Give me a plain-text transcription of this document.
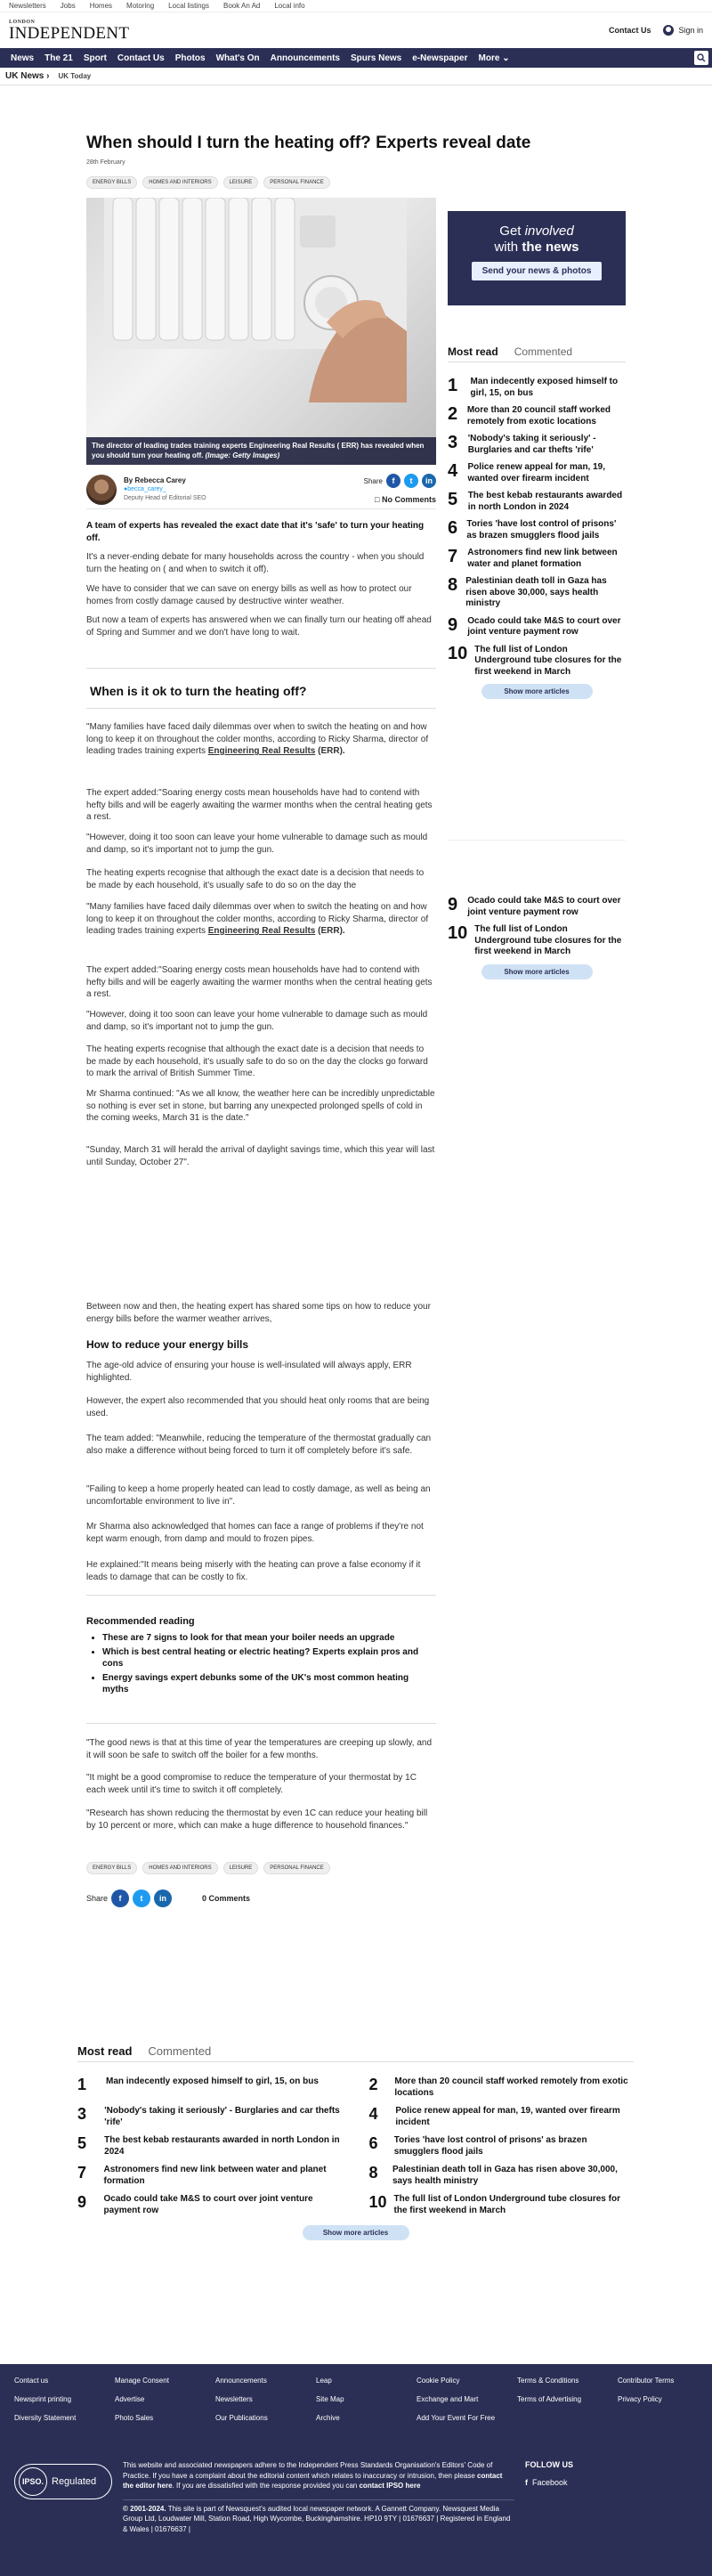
Newsletters Jobs Homes Motoring Local listings Book An Ad Local info
LONDON
INDEPENDENT	Contact Us	Sign in
News	The 21	Sport	Contact Us	Photos	What's On	Announcements	Spurs News	e-Newspaper	More ⌄
UK News › UK Today
When should I turn the heating off? Experts reveal date
28th February
ENERGY BILLS	HOMES AND INTERIORS	LEISURE	PERSONAL FINANCE
The director of leading trades training experts Engineering Real Results ( ERR) has revealed when you should turn your heating off. (Image: Getty Images)
By Rebecca Carey
●becca_carey_
Deputy Head of Editorial SEO
Share	f	t	in
□ No Comments

A team of experts has revealed the exact date that it's 'safe' to turn your heating off.

It's a never-ending debate for many households across the country - when you should turn the heating on ( and when to switch it off).

We have to consider that we can save on energy bills as well as how to protect our homes from costly damage caused by destructive winter weather.

But now a team of experts has answered when we can finally turn our heating off ahead of Spring and Summer and we don't have long to wait.

When is it ok to turn the heating off?

"Many families have faced daily dilemmas over when to switch the heating on and how long to keep it on throughout the colder months, according to Ricky Sharma, director of leading trades training experts Engineering Real Results (ERR).

The expert added:"Soaring energy costs mean households have had to contend with hefty bills and will be eagerly awaiting the warmer months when the central heating gets a rest.

"However, doing it too soon can leave your home vulnerable to damage such as mould and damp, so it's important not to jump the gun.

The heating experts recognise that although the exact date is a decision that needs to be made by each household, it's usually safe to do so on the day the

"Many families have faced daily dilemmas over when to switch the heating on and how long to keep it on throughout the colder months, according to Ricky Sharma, director of leading trades training experts Engineering Real Results (ERR).

The expert added:"Soaring energy costs mean households have had to contend with hefty bills and will be eagerly awaiting the warmer months when the central heating gets a rest.

"However, doing it too soon can leave your home vulnerable to damage such as mould and damp, so it's important not to jump the gun.

The heating experts recognise that although the exact date is a decision that needs to be made by each household, it's usually safe to do so on the day the clocks go forward to mark the arrival of British Summer Time.

Mr Sharma continued: "As we all know, the weather here can be incredibly unpredictable so nothing is ever set in stone, but barring any unexpected prolonged spells of cold in the coming weeks, March 31 is the date."

"Sunday, March 31 will herald the arrival of daylight savings time, which this year will last until Sunday, October 27".

Between now and then, the heating expert has shared some tips on how to reduce your energy bills before the warmer weather arrives,

How to reduce your energy bills

The age-old advice of ensuring your house is well-insulated will always apply, ERR highlighted.

However, the expert also recommended that you should heat only rooms that are being used.

The team added: "Meanwhile, reducing the temperature of the thermostat gradually can also make a difference without being forced to turn it off completely before it's safe.

"Failing to keep a home properly heated can lead to costly damage, as well as being an uncomfortable environment to live in".

Mr Sharma also acknowledged that homes can face a range of problems if they're not kept warm enough, from damp and mould to frozen pipes.

He explained:"It means being miserly with the heating can prove a false economy if it leads to damage that can be costly to fix.

Recommended reading
• These are 7 signs to look for that mean your boiler needs an upgrade
• Which is best central heating or electric heating? Experts explain pros and cons
• Energy savings expert debunks some of the UK's most common heating myths

"The good news is that at this time of year the temperatures are creeping up slowly, and it will soon be safe to switch off the boiler for a few months.

"It might be a good compromise to reduce the temperature of your thermostat by 1C each week until it's time to switch it off completely.

"Research has shown reducing the thermostat by even 1C can reduce your heating bill by 10 percent or more, which can make a huge difference to household finances."

ENERGY BILLS	HOMES AND INTERIORS	LEISURE	PERSONAL FINANCE
Share	f	t	in	0 Comments
Get involved
with the news
Send your news & photos
Most read Commented
1	Man indecently exposed himself to girl, 15, on bus
2 More than 20 council staff worked remotely from exotic locations
3	'Nobody's taking it seriously' - Burglaries and car thefts 'rife'
4	Police renew appeal for man, 19, wanted over firearm incident
5	The best kebab restaurants awarded in north London in 2024
6 Tories 'have lost control of prisons' as brazen smugglers flood jails
7	Astronomers find new link between water and planet formation
8 Palestinian death toll in Gaza has risen above 30,000, says health ministry
9	Ocado could take M&S to court over joint venture payment row
10 The full list of London Underground tube closures for the first weekend in March
Show more articles
9	Ocado could take M&S to court over joint venture payment row
10 The full list of London Underground tube closures for the first weekend in March
Show more articles
Most read Commented
1	Man indecently exposed himself to girl, 15, on bus	2	More than 20 council staff worked remotely from exotic locations
3	'Nobody's taking it seriously' - Burglaries and car thefts 'rife'	4	Police renew appeal for man, 19, wanted over firearm incident
5	The best kebab restaurants awarded in north London in 2024	6	Tories 'have lost control of prisons' as brazen smugglers flood jails
7	Astronomers find new link between water and planet formation	8	Palestinian death toll in Gaza has risen above 30,000, says health ministry
9	Ocado could take M&S to court over joint venture payment row	10 The full list of London Underground tube closures for the first weekend in March
Show more articles
Contact us	Manage Consent	Announcements	Leap	Cookie Policy	Terms & Conditions	Contributor Terms
Newsprint printing	Advertise	Newsletters	Site Map	Exchange and Mart	Terms of Advertising	Privacy Policy
Diversity Statement	Photo Sales	Our Publications	Archive	Add Your Event For Free
IPSO. Regulated

This website and associated newspapers adhere to the Independent Press Standards Organisation's Editors' Code of Practice. If you have a complaint about the editorial content which relates to inaccuracy or intrusion, then please contact the editor here. If you are dissatisfied with the response provided you can contact IPSO here

© 2001-2024. This site is part of Newsquest's audited local newspaper network. A Gannett Company. Newsquest Media Group Ltd, Loudwater Mill, Station Road, High Wycombe, Buckinghamshire. HP10 9TY | 01676637 | Registered in England & Wales | 01676637 |

FOLLOW US
f Facebook
